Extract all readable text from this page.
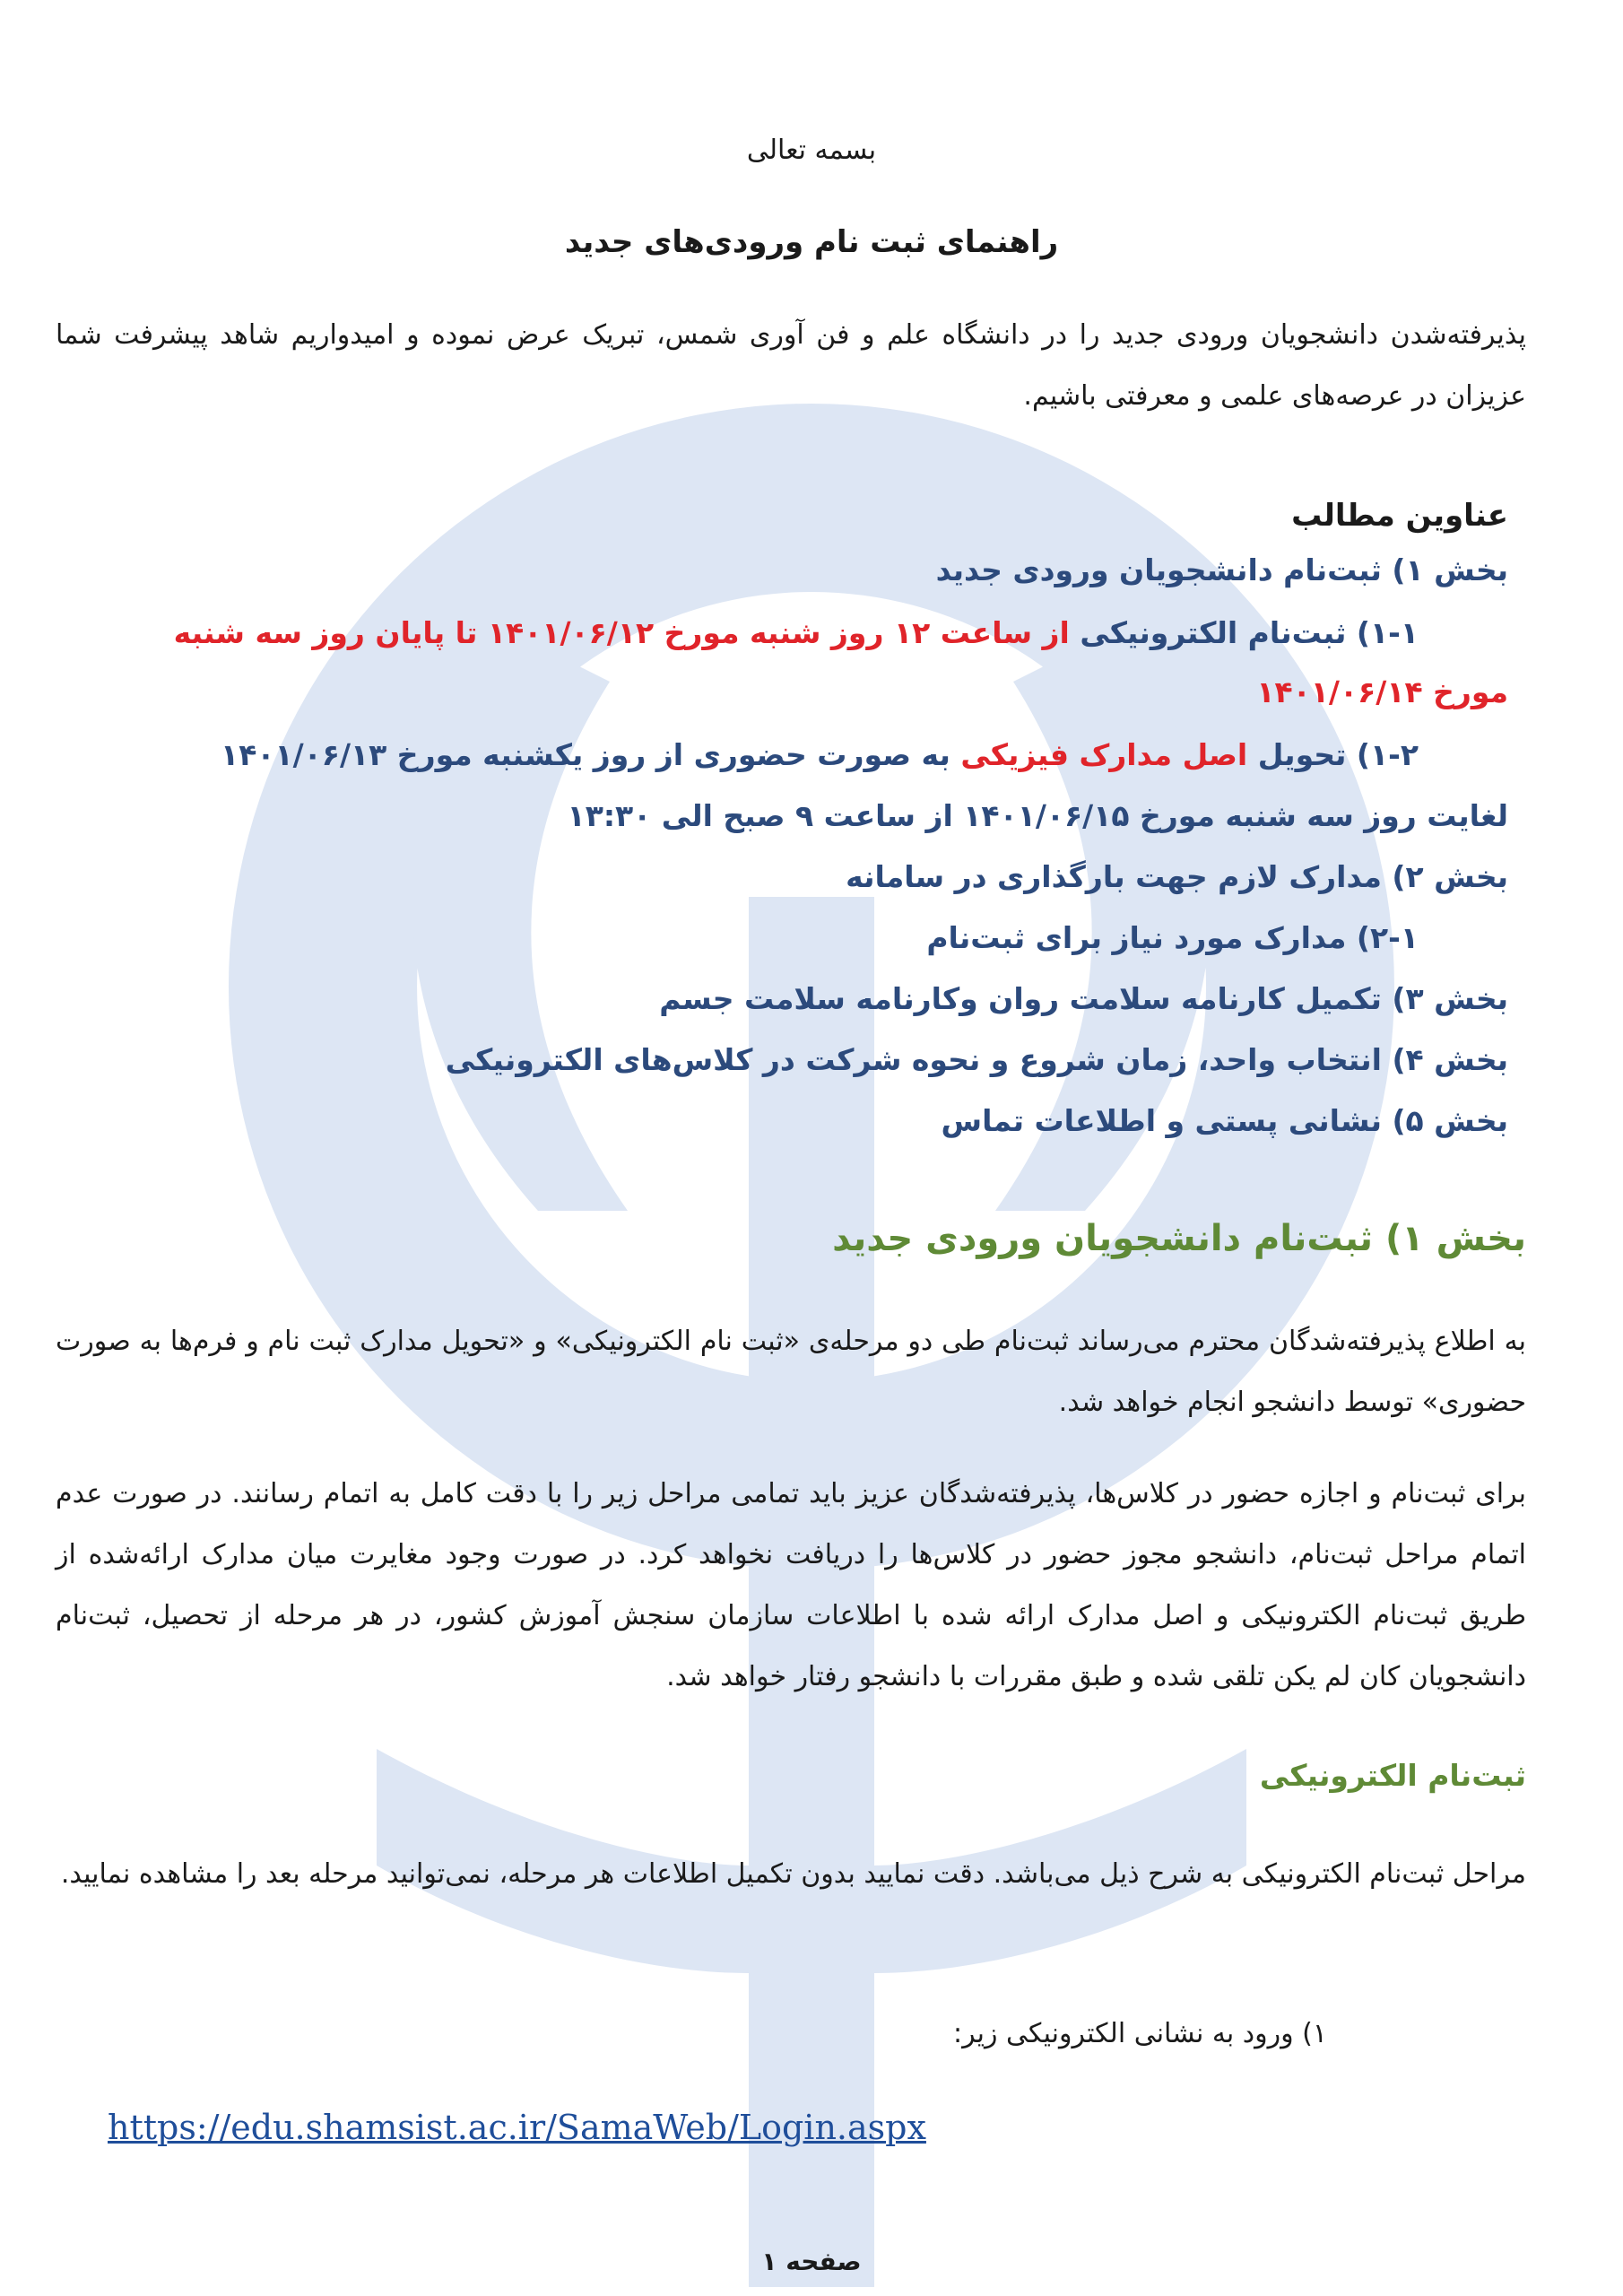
بسمه تعالی
راهنمای ثبت نام ورودی‌های جدید

پذیرفته‌شدن دانشجویان ورودی جدید را در دانشگاه علم و فن آوری شمس، تبریک عرض نموده و امیدواریم شاهد پیشرفت شما عزیزان در عرصه‌های علمی و معرفتی باشیم.

عناوین مطالب
بخش ۱) ثبت‌نام دانشجویان ورودی جدید
۱-۱) ثبت‌نام الکترونیکی از ساعت ۱۲ روز شنبه مورخ ۱۴۰۱/۰۶/۱۲ تا پایان روز سه شنبه
مورخ ۱۴۰۱/۰۶/۱۴
۱-۲) تحویل اصل مدارک فیزیکی به صورت حضوری از روز یکشنبه مورخ ۱۴۰۱/۰۶/۱۳
لغایت روز سه شنبه مورخ ۱۴۰۱/۰۶/۱۵ از ساعت ۹ صبح الی ۱۳:۳۰
بخش ۲) مدارک لازم جهت بارگذاری در سامانه
۲-۱) مدارک مورد نیاز برای ثبت‌نام
بخش ۳) تکمیل کارنامه سلامت روان وکارنامه سلامت جسم
بخش ۴) انتخاب واحد، زمان شروع و نحوه شرکت در کلاس‌های الکترونیکی
بخش ۵) نشانی پستی و اطلاعات تماس
بخش ۱) ثبت‌نام دانشجویان ورودی جدید

به اطلاع پذیرفته‌شدگان محترم می‌رساند ثبت‌نام طی دو مرحله‌ی «ثبت نام الکترونیکی» و «تحویل مدارک ثبت نام و فرم‌ها به صورت حضوری» توسط دانشجو انجام خواهد شد.

برای ثبت‌نام و اجازه حضور در کلاس‌ها، پذیرفته‌شدگان عزیز باید تمامی مراحل زیر را با دقت کامل به اتمام رسانند. در صورت عدم اتمام مراحل ثبت‌نام، دانشجو مجوز حضور در کلاس‌ها را دریافت نخواهد کرد. در صورت وجود مغایرت میان مدارک ارائه‌شده از طریق ثبت‌نام الکترونیکی و اصل مدارک ارائه شده با اطلاعات سازمان سنجش آموزش کشور، در هر مرحله از تحصیل، ثبت‌نام دانشجویان کان لم یکن تلقی شده و طبق مقررات با دانشجو رفتار خواهد شد.

ثبت‌نام الکترونیکی

مراحل ثبت‌نام الکترونیکی به شرح ذیل می‌باشد. دقت نمایید بدون تکمیل اطلاعات هر مرحله، نمی‌توانید مرحله بعد را مشاهده نمایید.

۱) ورود به نشانی الکترونیکی زیر:
https://edu.shamsist.ac.ir/SamaWeb/Login.aspx
صفحه ۱
